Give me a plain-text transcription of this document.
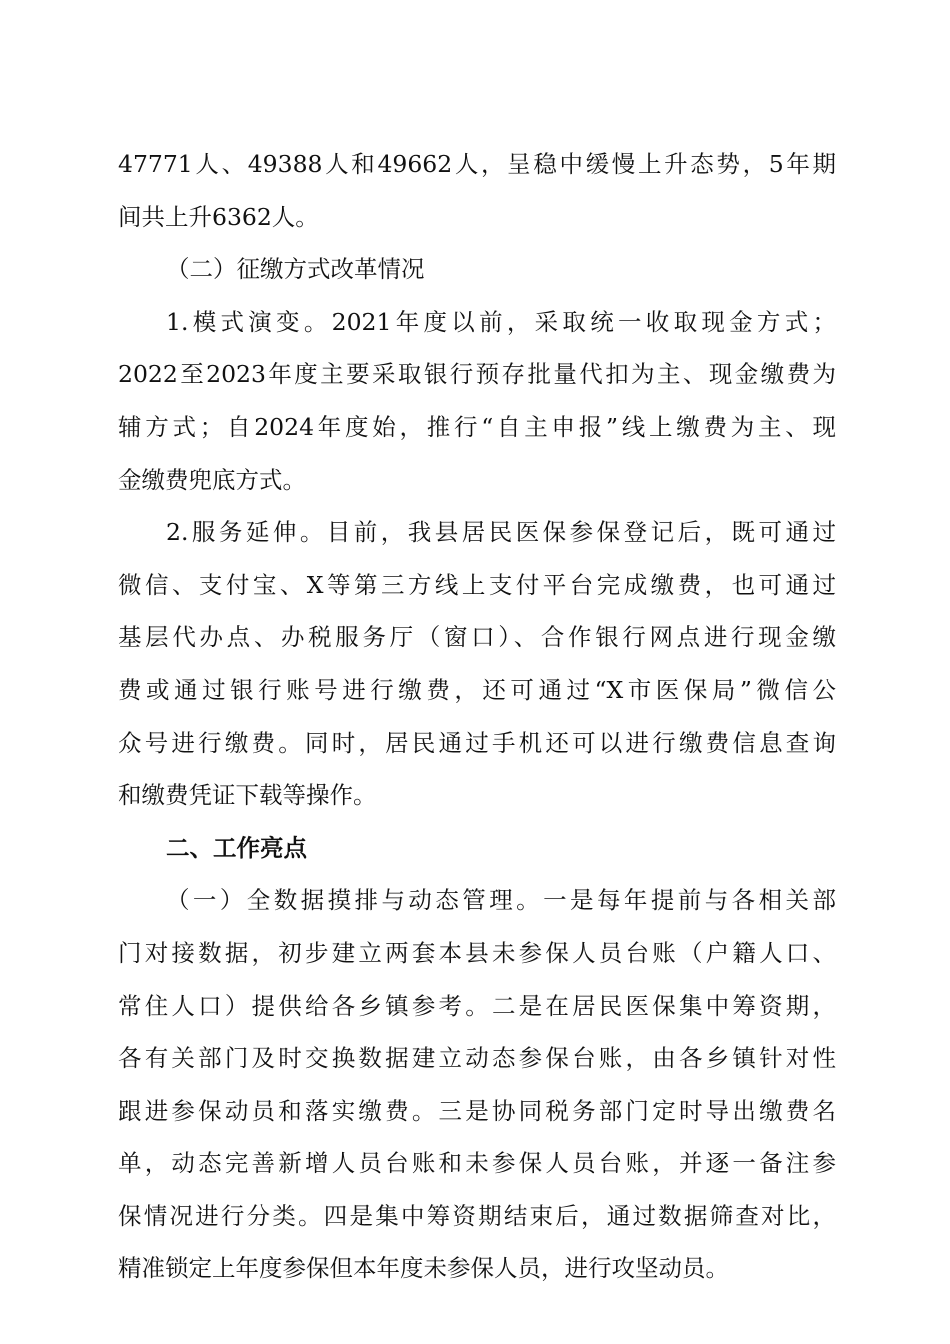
47771人、49388人和49662人，呈稳中缓慢上升态势，5年期
间共上升6362人。
（二）征缴方式改革情况
1.模式演变。2021年度以前，采取统一收取现金方式；
2022至2023年度主要采取银行预存批量代扣为主、现金缴费为
辅方式；自2024年度始，推行“自主申报”线上缴费为主、现
金缴费兜底方式。
2.服务延伸。目前，我县居民医保参保登记后，既可通过
微信、支付宝、X等第三方线上支付平台完成缴费，也可通过
基层代办点、办税服务厅（窗口）、合作银行网点进行现金缴
费或通过银行账号进行缴费，还可通过“X市医保局”微信公
众号进行缴费。同时，居民通过手机还可以进行缴费信息查询
和缴费凭证下载等操作。
二、工作亮点
（一）全数据摸排与动态管理。一是每年提前与各相关部
门对接数据，初步建立两套本县未参保人员台账（户籍人口、
常住人口）提供给各乡镇参考。二是在居民医保集中筹资期，
各有关部门及时交换数据建立动态参保台账，由各乡镇针对性
跟进参保动员和落实缴费。三是协同税务部门定时导出缴费名
单，动态完善新增人员台账和未参保人员台账，并逐一备注参
保情况进行分类。四是集中筹资期结束后，通过数据筛查对比，
精准锁定上年度参保但本年度未参保人员，进行攻坚动员。
